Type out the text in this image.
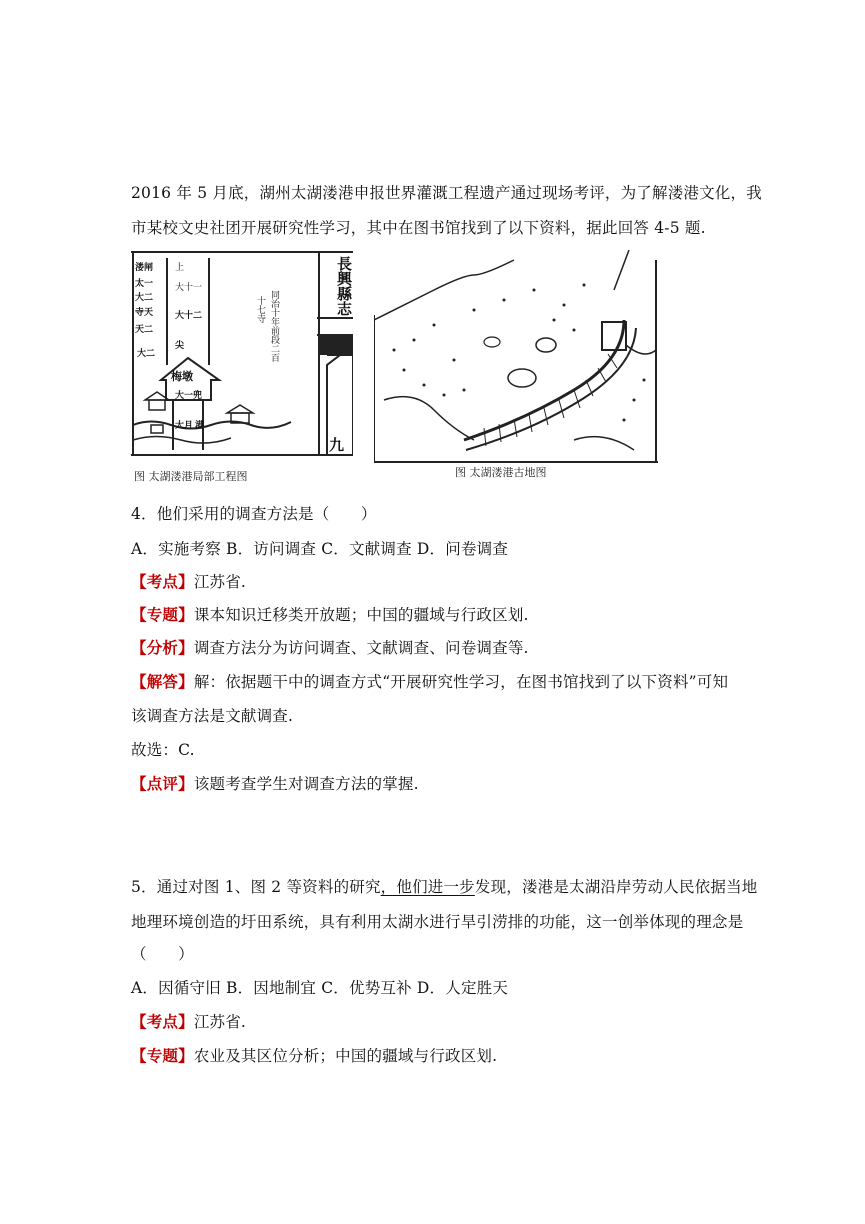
2016 年 5 月底，湖州太湖溇港申报世界灌溉工程遗产通过现场考评，为了解溇港文化，我
市某校文史社团开展研究性学习，其中在图书馆找到了以下资料，据此回答 4-5 题.
長興縣志
九
同治十年前段二百
十七寺
上
溇闸
太一
大二
寺天
天二
大十一
大十二
尖
大二
梅墩
大一兜
大月 港
图 太湖溇港局部工程图	图 太湖溇港古地图
4．他们采用的调查方法是（　　）
A．实施考察 B．访问调查 C．文献调查 D．问卷调查
【考点】江苏省.
【专题】课本知识迁移类开放题；中国的疆域与行政区划.
【分析】调查方法分为访问调查、文献调查、问卷调查等.
【解答】解：依据题干中的调查方式“开展研究性学习，在图书馆找到了以下资料”可知
该调查方法是文献调查.
故选：C.
【点评】该题考查学生对调查方法的掌握.
5．通过对图 1、图 2 等资料的研究，他们进一步发现，溇港是太湖沿岸劳动人民依据当地
地理环境创造的圩田系统，具有利用太湖水进行旱引涝排的功能，这一创举体现的理念是
（　　）
A．因循守旧 B．因地制宜 C．优势互补 D．人定胜天
【考点】江苏省.
【专题】农业及其区位分析；中国的疆域与行政区划.
